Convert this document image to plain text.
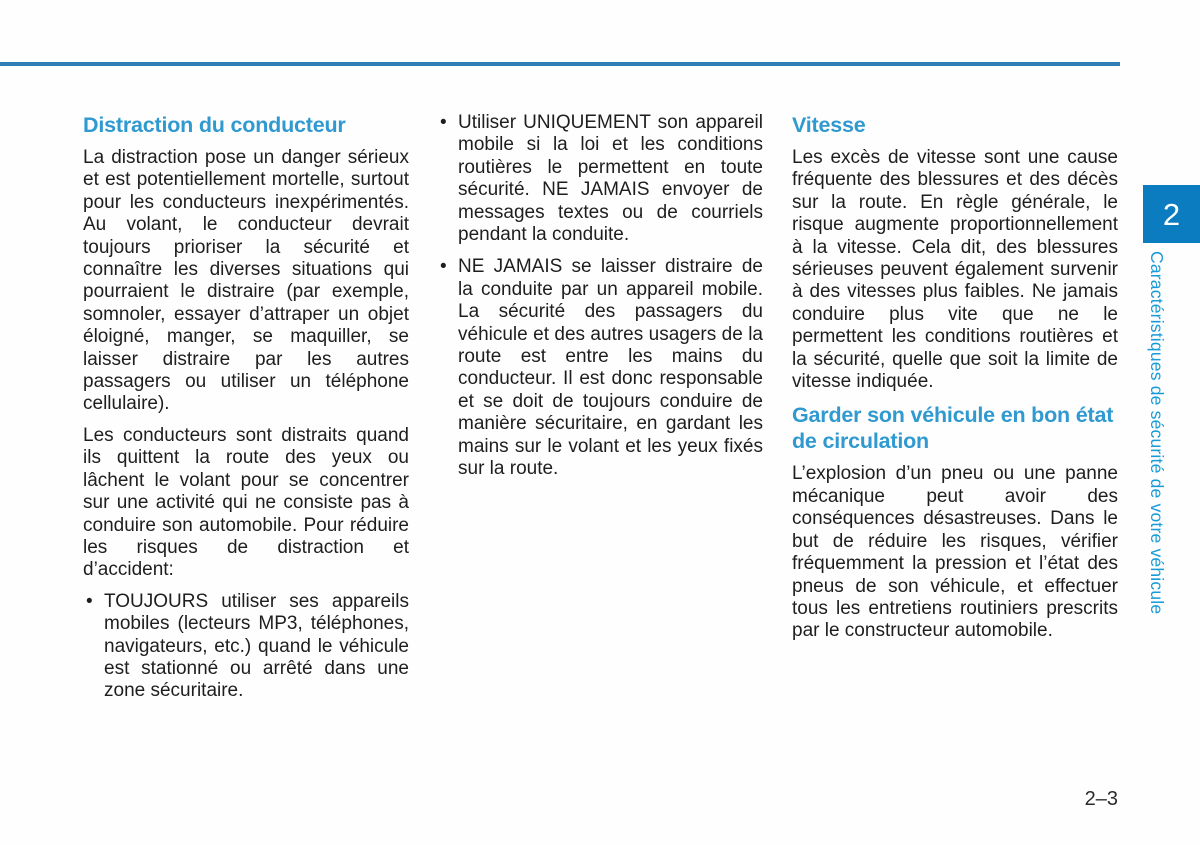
Distraction du conducteur

La distraction pose un danger sérieux et est potentiellement mortelle, surtout pour les conducteurs inexpérimentés. Au volant, le conducteur devrait toujours prioriser la sécurité et connaître les diverses situations qui pourraient le distraire (par exemple, somnoler, essayer d’attraper un objet éloigné, manger, se maquiller, se laisser distraire par les autres passagers ou utiliser un téléphone cellulaire).

Les conducteurs sont distraits quand ils quittent la route des yeux ou lâchent le volant pour se concentrer sur une activité qui ne consiste pas à conduire son automobile. Pour réduire les risques de distraction et d’accident:

• TOUJOURS utiliser ses appareils mobiles (lecteurs MP3, téléphones, navigateurs, etc.) quand le véhicule est stationné ou arrêté dans une zone sécuritaire.
• Utiliser UNIQUEMENT son appareil mobile si la loi et les conditions routières le permettent en toute sécurité. NE JAMAIS envoyer de messages textes ou de courriels pendant la conduite.
• NE JAMAIS se laisser distraire de la conduite par un appareil mobile. La sécurité des passagers du véhicule et des autres usagers de la route est entre les mains du conducteur. Il est donc responsable et se doit de toujours conduire de manière sécuritaire, en gardant les mains sur le volant et les yeux fixés sur la route.
Vitesse

Les excès de vitesse sont une cause fréquente des blessures et des décès sur la route. En règle générale, le risque augmente proportionnellement à la vitesse. Cela dit, des blessures sérieuses peuvent également survenir à des vitesses plus faibles. Ne jamais conduire plus vite que ne le permettent les conditions routières et la sécurité, quelle que soit la limite de vitesse indiquée.

Garder son véhicule en bon état de circulation

L’explosion d’un pneu ou une panne mécanique peut avoir des conséquences désastreuses. Dans le but de réduire les risques, vérifier fréquemment la pression et l’état des pneus de son véhicule, et effectuer tous les entretiens routiniers prescrits par le constructeur automobile.

2
Caractéristiques de sécurité de votre véhicule
2–3
